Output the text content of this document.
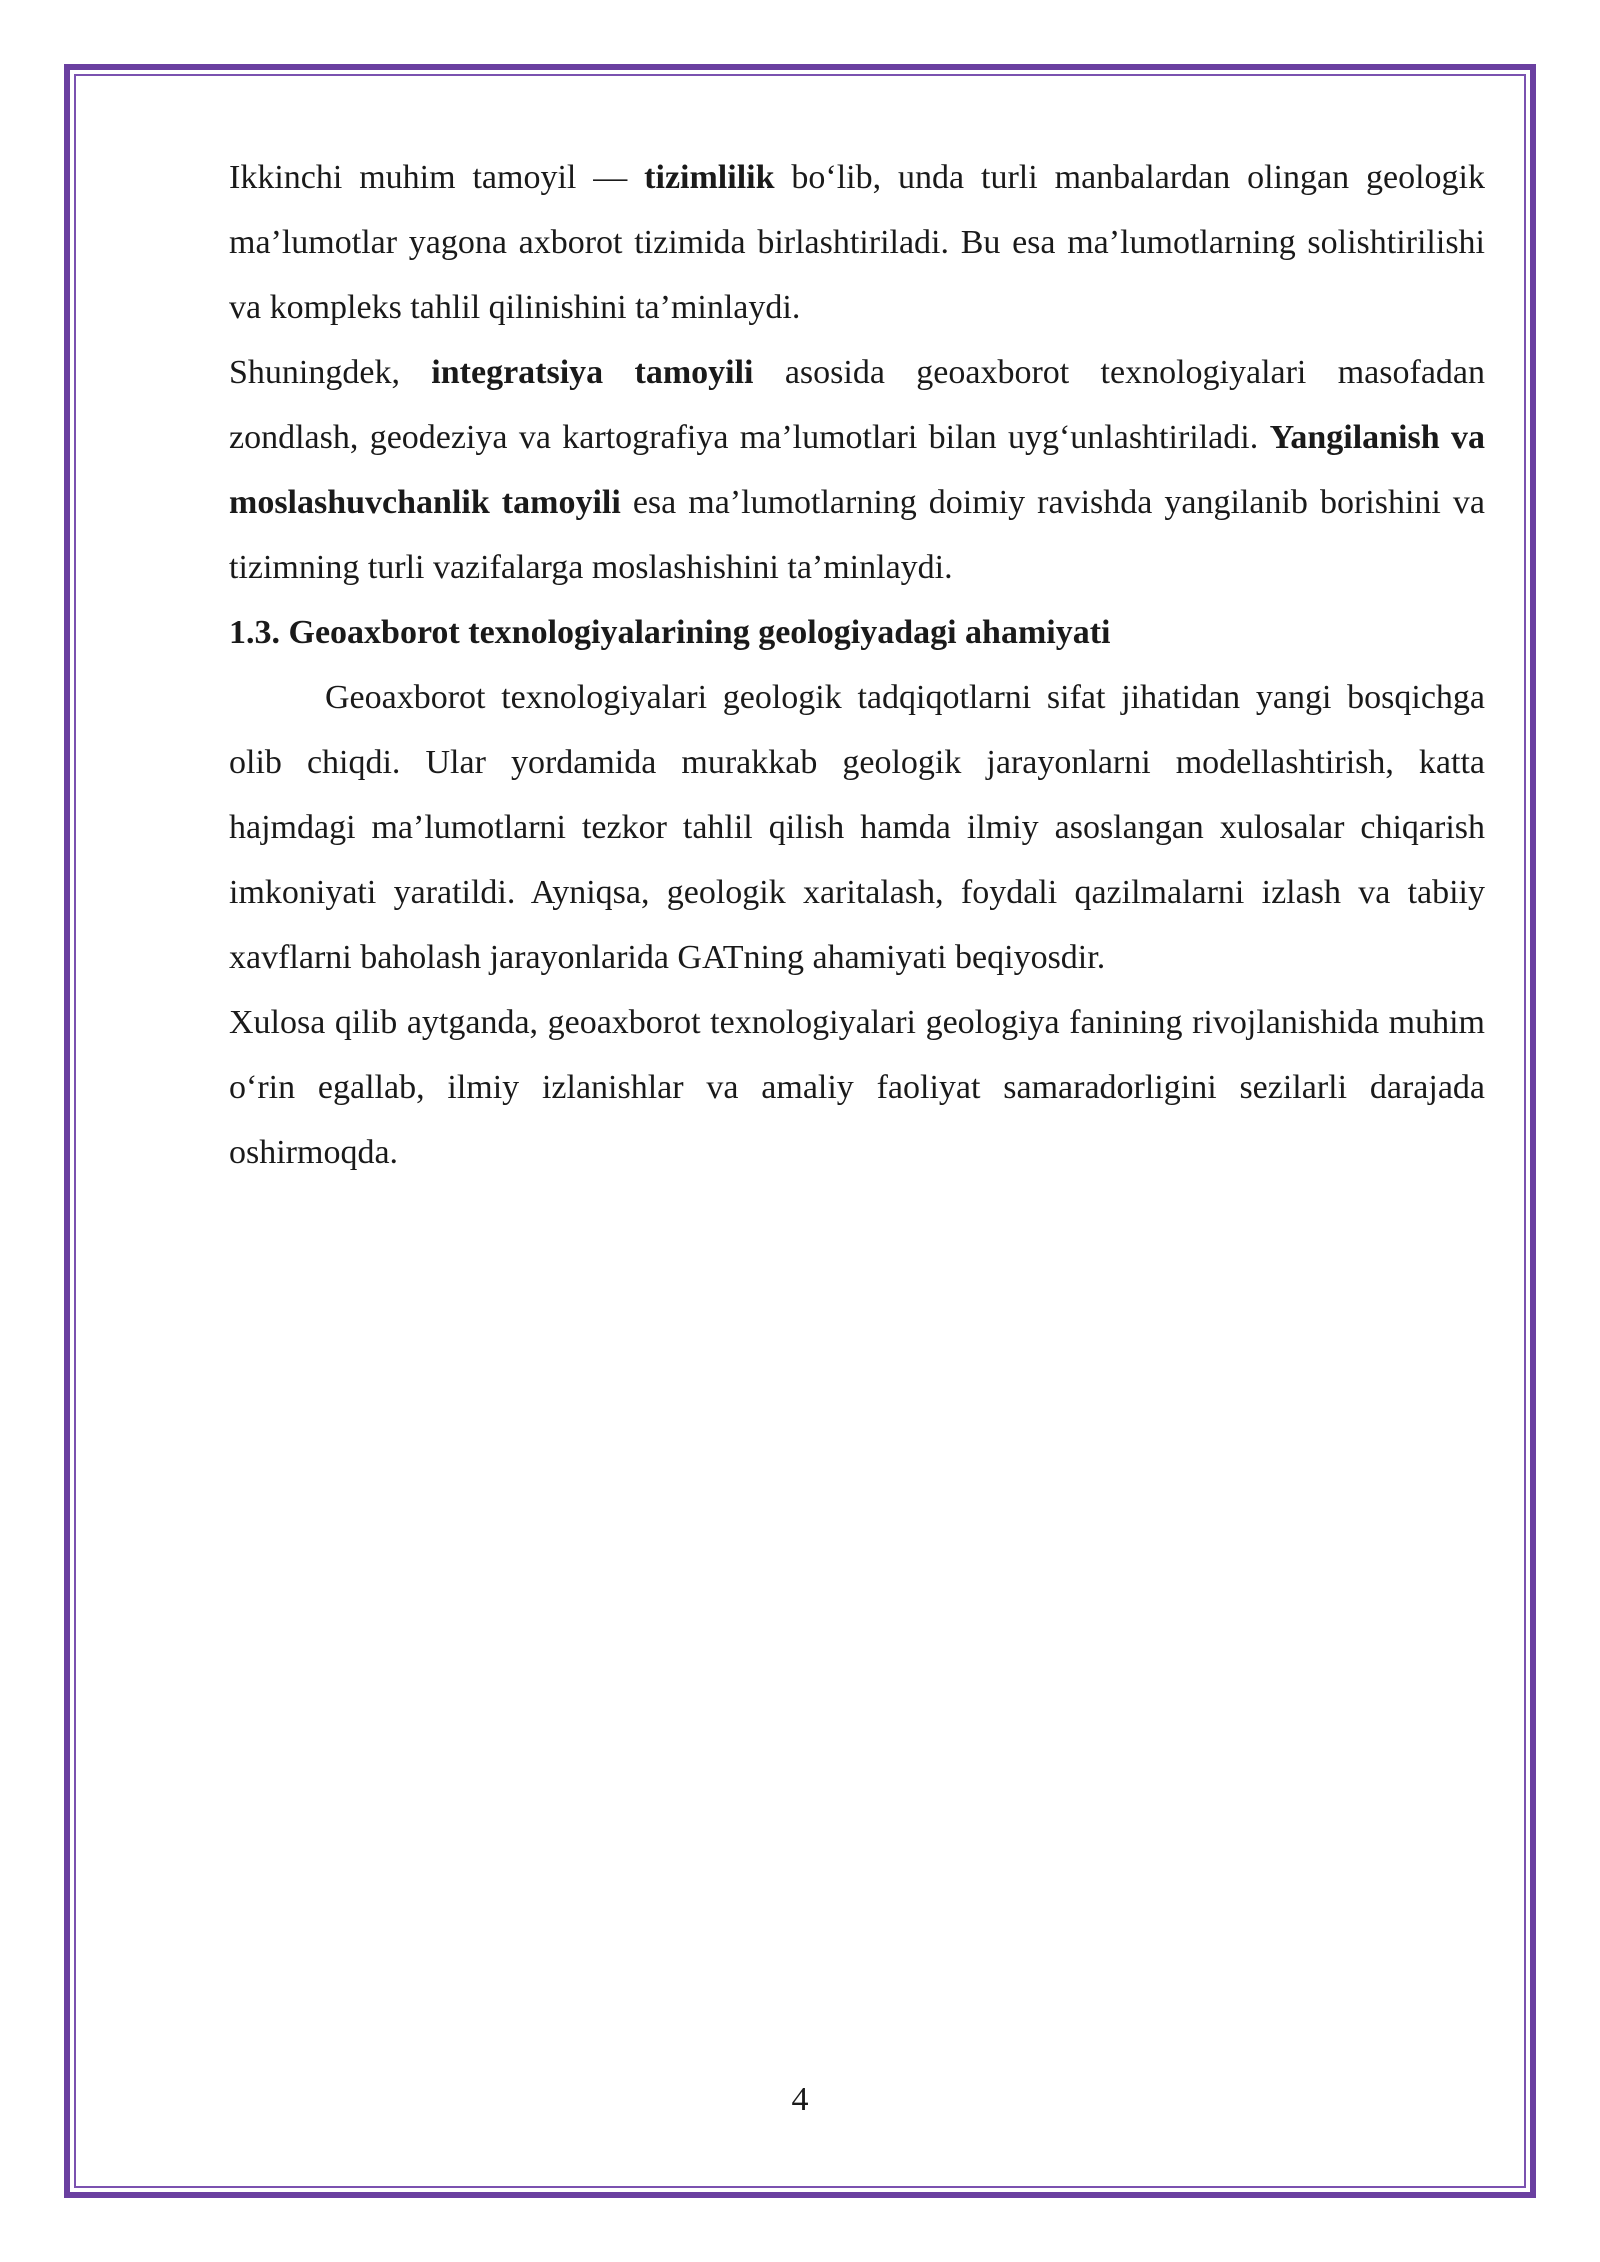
Ikkinchi muhim tamoyil — tizimlilik bo‘lib, unda turli manbalardan olingan geologik ma’lumotlar yagona axborot tizimida birlashtiriladi. Bu esa ma’lumotlarning solishtirilishi va kompleks tahlil qilinishini ta’minlaydi.

Shuningdek, integratsiya tamoyili asosida geoaxborot texnologiyalari masofadan zondlash, geodeziya va kartografiya ma’lumotlari bilan uyg‘unlashtiriladi. Yangilanish va moslashuvchanlik tamoyili esa ma’lumotlarning doimiy ravishda yangilanib borishini va tizimning turli vazifalarga moslashishini ta’minlaydi.

1.3. Geoaxborot texnologiyalarining geologiyadagi ahamiyati

Geoaxborot texnologiyalari geologik tadqiqotlarni sifat jihatidan yangi bosqichga olib chiqdi. Ular yordamida murakkab geologik jarayonlarni modellashtirish, katta hajmdagi ma’lumotlarni tezkor tahlil qilish hamda ilmiy asoslangan xulosalar chiqarish imkoniyati yaratildi. Ayniqsa, geologik xaritalash, foydali qazilmalarni izlash va tabiiy xavflarni baholash jarayonlarida GATning ahamiyati beqiyosdir.

Xulosa qilib aytganda, geoaxborot texnologiyalari geologiya fanining rivojlanishida muhim o‘rin egallab, ilmiy izlanishlar va amaliy faoliyat samaradorligini sezilarli darajada oshirmoqda.

4
